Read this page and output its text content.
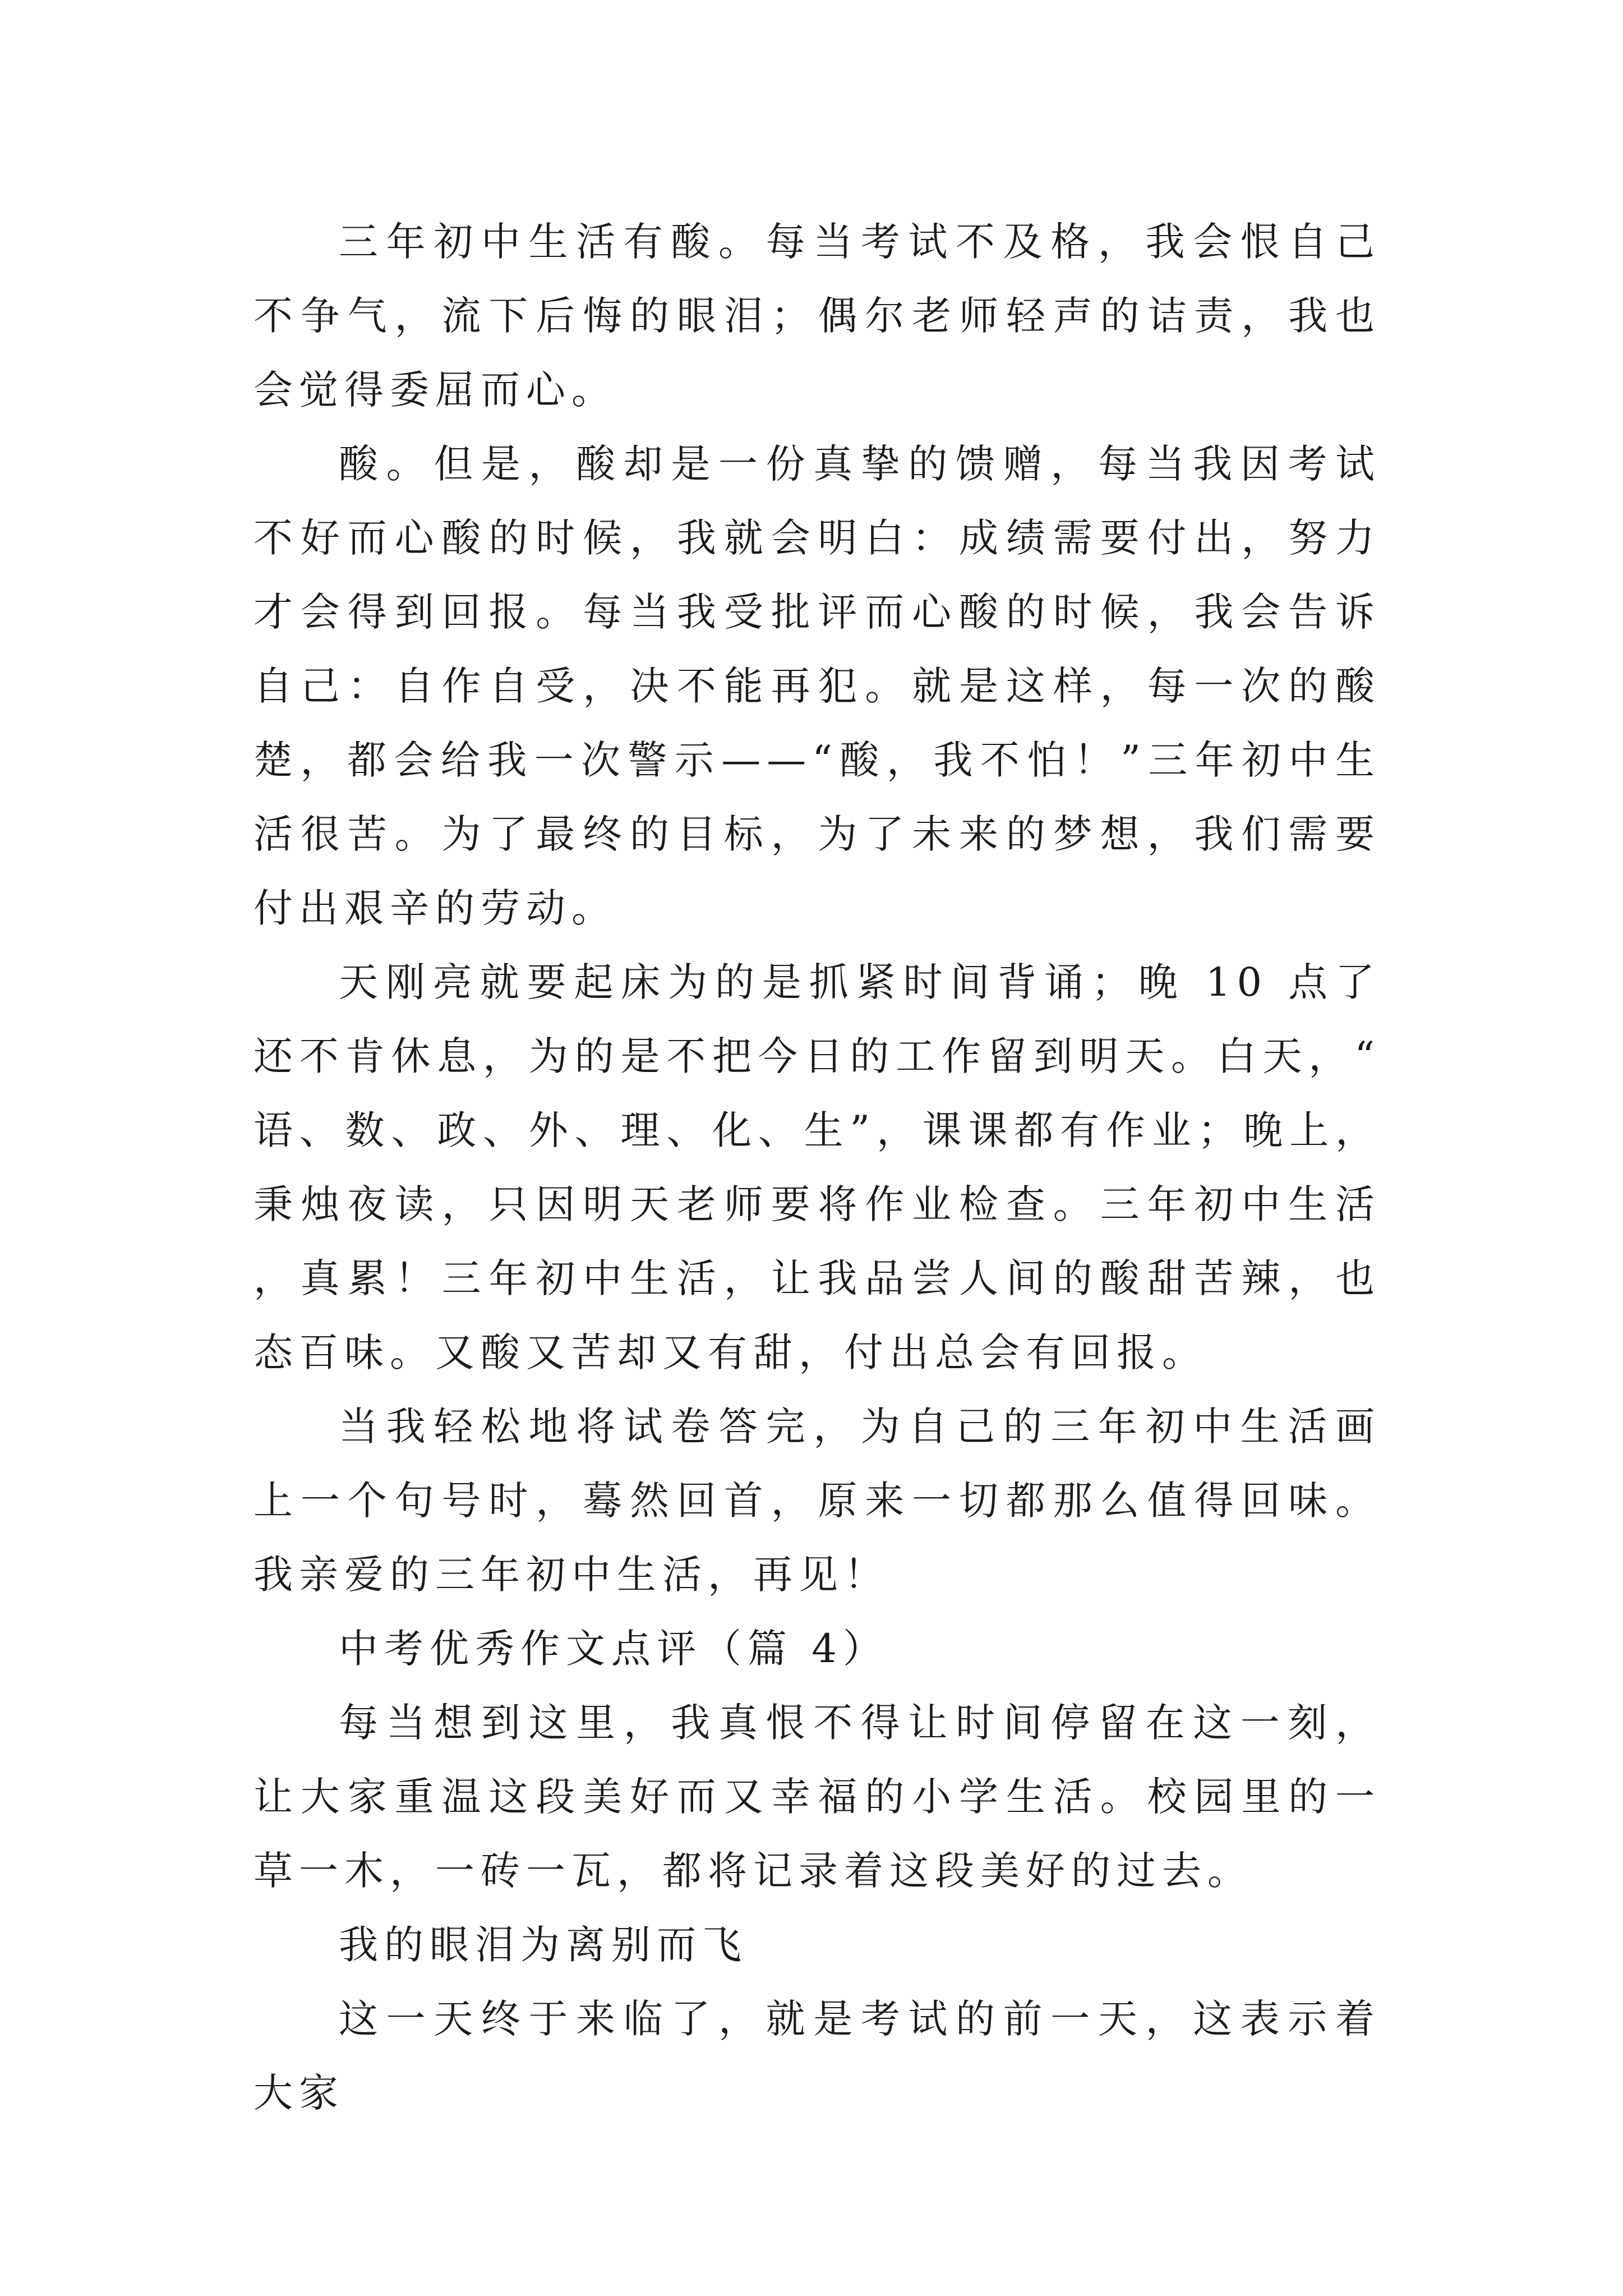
三年初中生活有酸。每当考试不及格，我会恨自己不争气，流下后悔的眼泪；偶尔老师轻声的诘责，我也会觉得委屈而心。

酸。但是，酸却是一份真挚的馈赠，每当我因考试不好而心酸的时候，我就会明白：成绩需要付出，努力才会得到回报。每当我受批评而心酸的时候，我会告诉自己：自作自受，决不能再犯。就是这样，每一次的酸楚，都会给我一次警示——“酸，我不怕！”三年初中生活很苦。为了最终的目标，为了未来的梦想，我们需要付出艰辛的劳动。

天刚亮就要起床为的是抓紧时间背诵；晚 10 点了还不肯休息，为的是不把今日的工作留到明天。白天，“语、数、政、外、理、化、生”，课课都有作业；晚上，秉烛夜读，只因明天老师要将作业检查。三年初中生活，真累！三年初中生活，让我品尝人间的酸甜苦辣，也态百味。又酸又苦却又有甜，付出总会有回报。

当我轻松地将试卷答完，为自己的三年初中生活画上一个句号时，蓦然回首，原来一切都那么值得回味。我亲爱的三年初中生活，再见！

中考优秀作文点评（篇 4）

每当想到这里，我真恨不得让时间停留在这一刻，让大家重温这段美好而又幸福的小学生活。校园里的一草一木，一砖一瓦，都将记录着这段美好的过去。

我的眼泪为离别而飞

这一天终于来临了，就是考试的前一天，这表示着大家
